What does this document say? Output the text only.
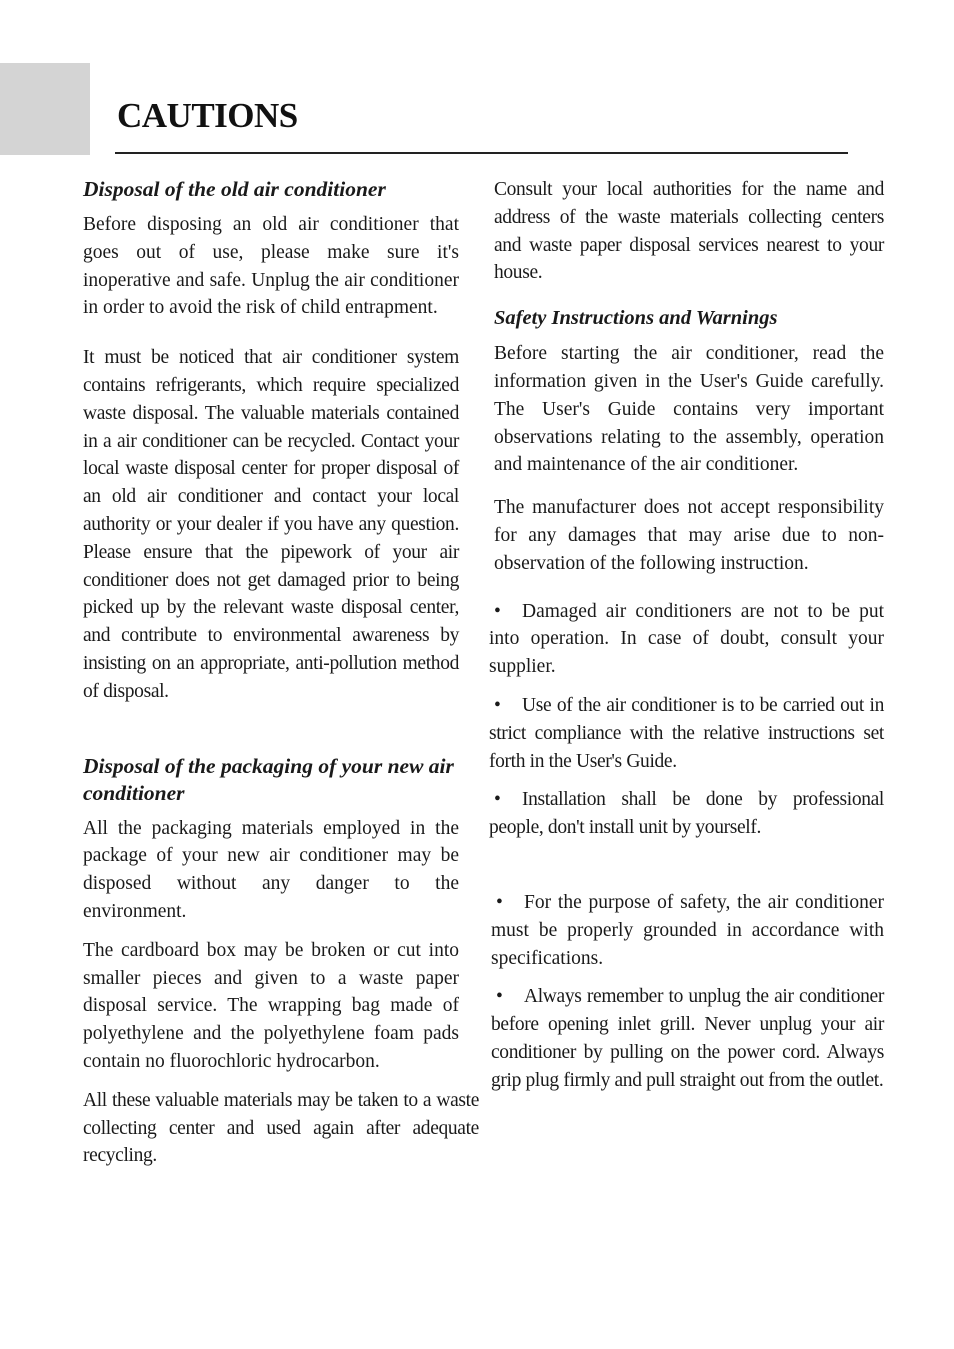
CAUTIONS
Disposal of the old air conditioner

Before disposing an old air conditioner that goes out of use, please make sure it's inoperative and safe. Unplug the air conditioner in order to avoid the risk of child entrapment.

It must be noticed that air conditioner system contains refrigerants, which require specialized waste disposal. The valuable materials contained in a air conditioner can be recycled. Contact your local waste disposal center for proper disposal of an old air conditioner and contact your local authority or your dealer if you have any question. Please ensure that the pipework of your air conditioner does not get damaged prior to being picked up by the relevant waste disposal center, and contribute to environmental awareness by insisting on an appropriate, anti-pollution method of disposal.

Disposal of the packaging of your new air conditioner

All the packaging materials employed in the package of your new air conditioner may be disposed without any danger to the environment.

The cardboard box may be broken or cut into smaller pieces and given to a waste paper disposal service. The wrapping bag made of polyethylene and the polyethylene foam pads contain no fluorochloric hydrocarbon.

All these valuable materials may be taken to a waste collecting center and used again after adequate recycling.

Consult your local authorities for the name and address of the waste materials collecting centers and waste paper disposal services nearest to your house.

Safety Instructions and Warnings

Before starting the air conditioner, read the information given in the User's Guide carefully. The User's Guide contains very important observations relating to the assembly, operation and maintenance of the air conditioner.

The manufacturer does not accept responsibility for any damages that may arise due to non-observation of the following instruction.

• Damaged air conditioners are not to be put into operation. In case of doubt, consult your supplier.

• Use of the air conditioner is to be carried out in strict compliance with the relative instructions set forth in the User's Guide.

• Installation shall be done by professional people, don't install unit by yourself.

• For the purpose of safety, the air conditioner must be properly grounded in accordance with specifications.

• Always remember to unplug the air conditioner before opening inlet grill. Never unplug your air conditioner by pulling on the power cord. Always grip plug firmly and pull straight out from the outlet.
